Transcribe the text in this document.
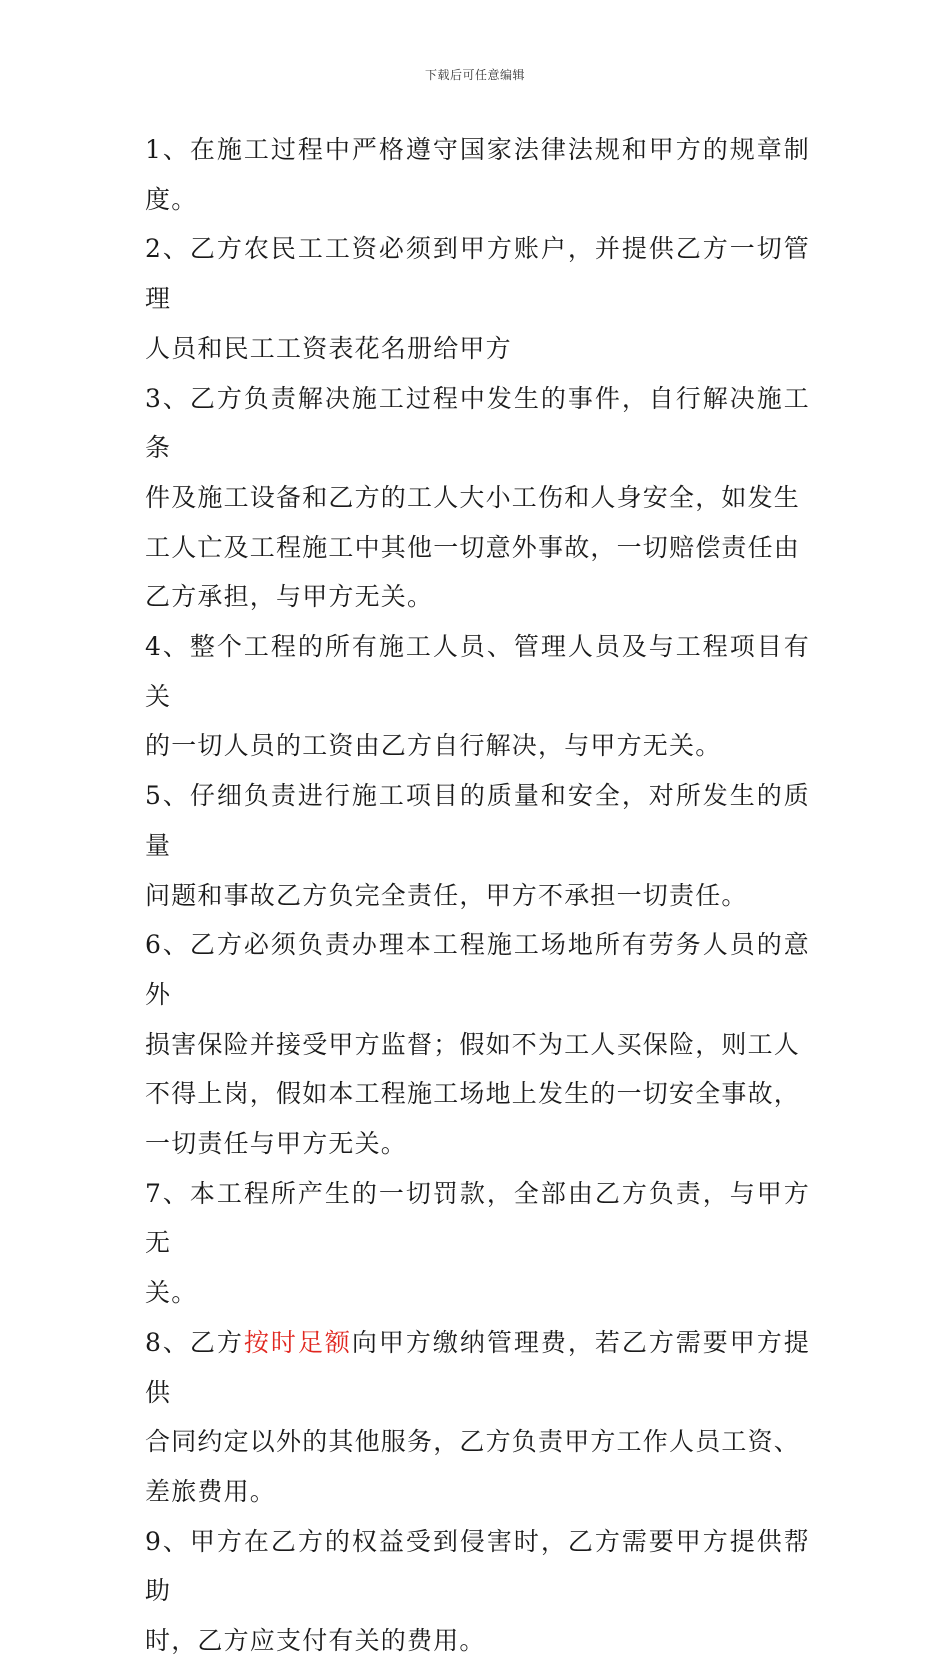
下载后可任意编辑

1、在施工过程中严格遵守国家法律法规和甲方的规章制度。

2、乙方农民工工资必须到甲方账户，并提供乙方一切管理

人员和民工工资表花名册给甲方

3、乙方负责解决施工过程中发生的事件，自行解决施工条

件及施工设备和乙方的工人大小工伤和人身安全，如发生

工人亡及工程施工中其他一切意外事故，一切赔偿责任由

乙方承担，与甲方无关。

4、整个工程的所有施工人员、管理人员及与工程项目有关

的一切人员的工资由乙方自行解决，与甲方无关。

5、仔细负责进行施工项目的质量和安全，对所发生的质量

问题和事故乙方负完全责任，甲方不承担一切责任。

6、乙方必须负责办理本工程施工场地所有劳务人员的意外

损害保险并接受甲方监督；假如不为工人买保险，则工人

不得上岗，假如本工程施工场地上发生的一切安全事故，

一切责任与甲方无关。

7、本工程所产生的一切罚款，全部由乙方负责，与甲方无

关。

8、乙方按时足额向甲方缴纳管理费，若乙方需要甲方提供

合同约定以外的其他服务，乙方负责甲方工作人员工资、

差旅费用。

9、甲方在乙方的权益受到侵害时，乙方需要甲方提供帮助

时，乙方应支付有关的费用。
